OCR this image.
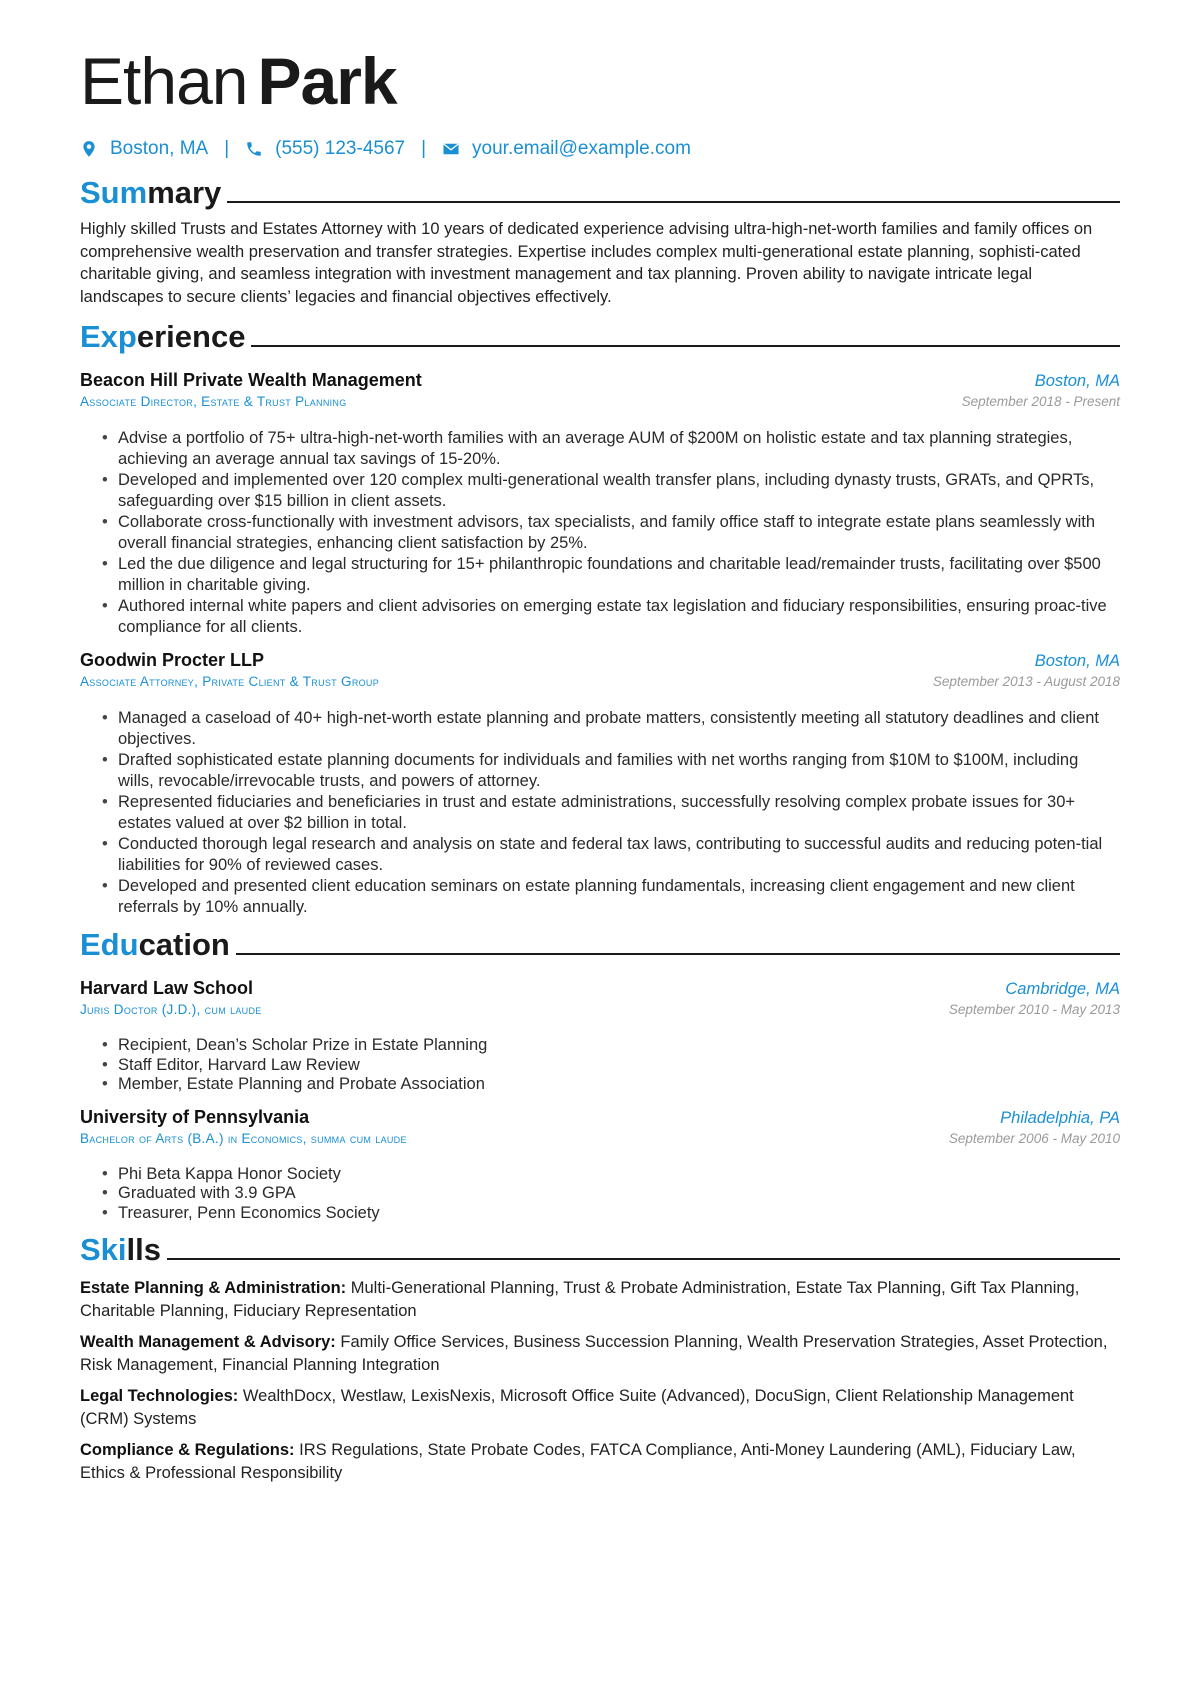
Ethan Park
Boston, MA | (555) 123-4567 | your.email@example.com
Summary

Highly skilled Trusts and Estates Attorney with 10 years of dedicated experience advising ultra-high-net-worth families and family offices on comprehensive wealth preservation and transfer strategies. Expertise includes complex multi-generational estate planning, sophisti-cated charitable giving, and seamless integration with investment management and tax planning. Proven ability to navigate intricate legal landscapes to secure clients’ legacies and financial objectives effectively.

Experience
Beacon Hill Private Wealth Management	Boston, MA
Associate Director, Estate & Trust Planning	September 2018 - Present
• Advise a portfolio of 75+ ultra-high-net-worth families with an average AUM of $200M on holistic estate and tax planning strategies, achieving an average annual tax savings of 15-20%.
• Developed and implemented over 120 complex multi-generational wealth transfer plans, including dynasty trusts, GRATs, and QPRTs, safeguarding over $15 billion in client assets.
• Collaborate cross-functionally with investment advisors, tax specialists, and family office staff to integrate estate plans seamlessly with overall financial strategies, enhancing client satisfaction by 25%.
• Led the due diligence and legal structuring for 15+ philanthropic foundations and charitable lead/remainder trusts, facilitating over $500 million in charitable giving.
• Authored internal white papers and client advisories on emerging estate tax legislation and fiduciary responsibilities, ensuring proac-tive compliance for all clients.
Goodwin Procter LLP	Boston, MA
Associate Attorney, Private Client & Trust Group	September 2013 - August 2018
• Managed a caseload of 40+ high-net-worth estate planning and probate matters, consistently meeting all statutory deadlines and client objectives.
• Drafted sophisticated estate planning documents for individuals and families with net worths ranging from $10M to $100M, including wills, revocable/irrevocable trusts, and powers of attorney.
• Represented fiduciaries and beneficiaries in trust and estate administrations, successfully resolving complex probate issues for 30+ estates valued at over $2 billion in total.
• Conducted thorough legal research and analysis on state and federal tax laws, contributing to successful audits and reducing poten-tial liabilities for 90% of reviewed cases.
• Developed and presented client education seminars on estate planning fundamentals, increasing client engagement and new client referrals by 10% annually.
Education
Harvard Law School	Cambridge, MA
Juris Doctor (J.D.), cum laude	September 2010 - May 2013
• Recipient, Dean’s Scholar Prize in Estate Planning
• Staff Editor, Harvard Law Review
• Member, Estate Planning and Probate Association
University of Pennsylvania	Philadelphia, PA
Bachelor of Arts (B.A.) in Economics, summa cum laude	September 2006 - May 2010
• Phi Beta Kappa Honor Society
• Graduated with 3.9 GPA
• Treasurer, Penn Economics Society
Skills
Estate Planning & Administration: Multi-Generational Planning, Trust & Probate Administration, Estate Tax Planning, Gift Tax Planning, Charitable Planning, Fiduciary Representation
Wealth Management & Advisory: Family Office Services, Business Succession Planning, Wealth Preservation Strategies, Asset Protection, Risk Management, Financial Planning Integration
Legal Technologies: WealthDocx, Westlaw, LexisNexis, Microsoft Office Suite (Advanced), DocuSign, Client Relationship Management (CRM) Systems
Compliance & Regulations: IRS Regulations, State Probate Codes, FATCA Compliance, Anti-Money Laundering (AML), Fiduciary Law, Ethics & Professional Responsibility
